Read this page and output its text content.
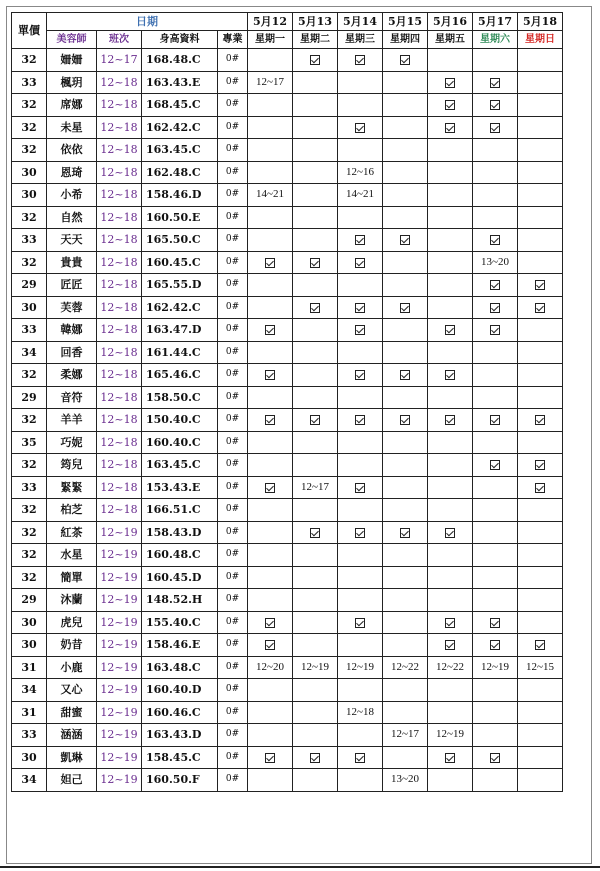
單價	日期				5月12	5月13	5月14	5月15	5月16	5月17	5月18
	美容師	班次	身高資料	專業	星期一	星期二	星期三	星期四	星期五	星期六	星期日
32	姍姍	12~17	168.48.C	0#							
33	楓玥	12~18	163.43.E	0#	12~17						
32	席娜	12~18	168.45.C	0#							
32	未星	12~18	162.42.C	0#							
32	依依	12~18	163.45.C	0#							
30	恩琦	12~18	162.48.C	0#			12~16				
30	小希	12~18	158.46.D	0#	14~21		14~21				
32	自然	12~18	160.50.E	0#							
33	天天	12~18	165.50.C	0#							
32	貴貴	12~18	160.45.C	0#						13~20	
29	匠匠	12~18	165.55.D	0#							
30	芙蓉	12~18	162.42.C	0#							
33	韓娜	12~18	163.47.D	0#							
34	回香	12~18	161.44.C	0#							
32	柔娜	12~18	165.46.C	0#							
29	音符	12~18	158.50.C	0#							
32	羊羊	12~18	150.40.C	0#							
35	巧妮	12~18	160.40.C	0#							
32	筠兒	12~18	163.45.C	0#							
33	緊緊	12~18	153.43.E	0#		12~17					
32	柏芝	12~18	166.51.C	0#							
32	紅茶	12~19	158.43.D	0#							
32	水星	12~19	160.48.C	0#							
32	簡單	12~19	160.45.D	0#							
29	沐蘭	12~19	148.52.H	0#							
30	虎兒	12~19	155.40.C	0#							
30	奶昔	12~19	158.46.E	0#							
31	小鹿	12~19	163.48.C	0#	12~20	12~19	12~19	12~22	12~22	12~19	12~15
34	又心	12~19	160.40.D	0#							
31	甜蜜	12~19	160.46.C	0#			12~18				
33	涵涵	12~19	163.43.D	0#				12~17	12~19		
30	凱琳	12~19	158.45.C	0#							
34	妲己	12~19	160.50.F	0#				13~20			
